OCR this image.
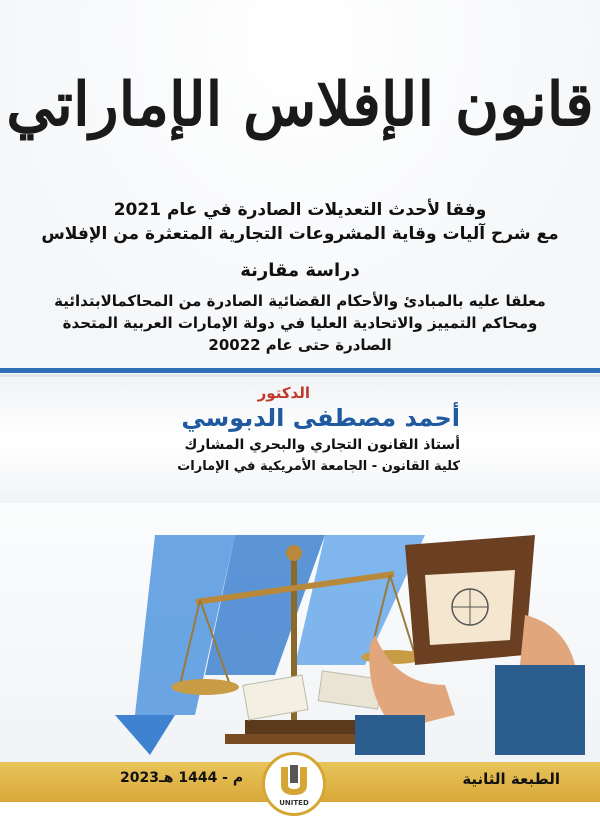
قانون الإفلاس الإماراتي
وفقا لأحدث التعديلات الصادرة في عام 2021
مع شرح آليات وقاية المشروعات التجارية المتعثرة من الإفلاس
دراسة مقارنة
معلقا عليه بالمبادئ والأحكام القضائية الصادرة من المحاكمالابتدائية
ومحاكم التمييز والاتحادية العليا في دولة الإمارات العربية المتحدة
الصادرة حتى عام 20022

الدكتور

أحمد مصطفى الدبوسي

أستاذ القانون التجاري والبحري المشارك

كلية القانون - الجامعة الأمريكية في الإمارات

الطبعة الثانية
2023م - 1444 هـ
UNITED
